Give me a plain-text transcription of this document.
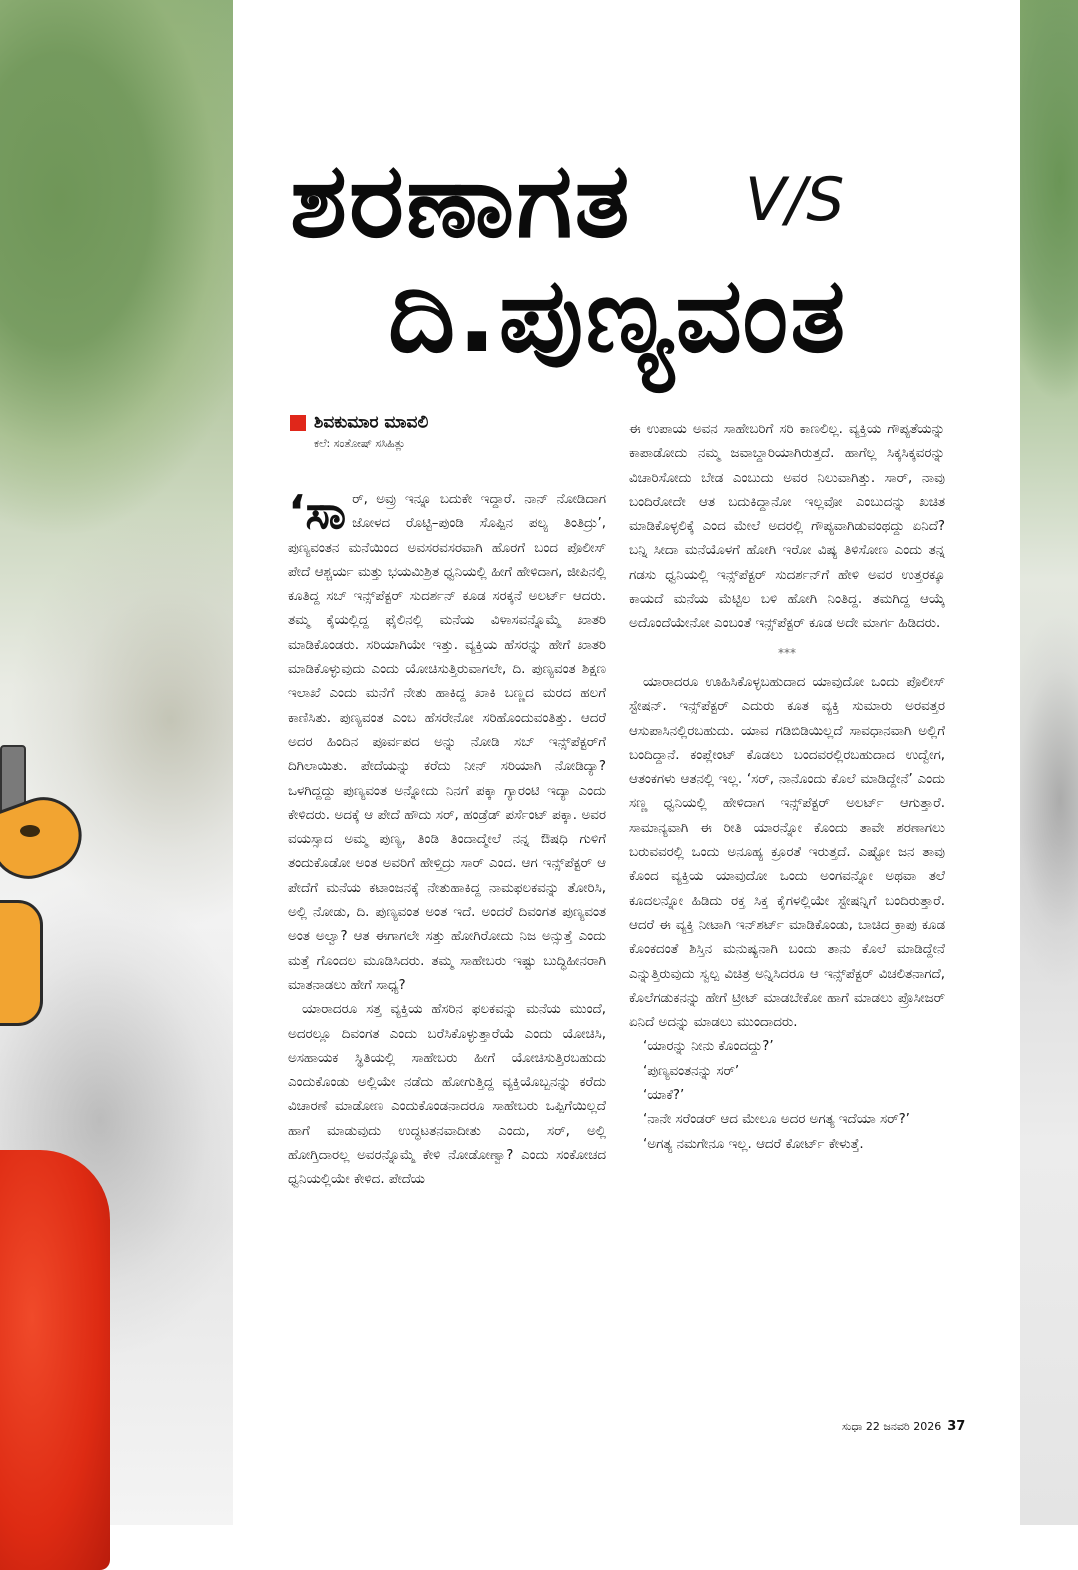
ಶರಣಾಗತ V/S
ದಿ.ಪುಣ್ಯವಂತ
ಶಿವಕುಮಾರ ಮಾವಲಿ
ಕಲೆ: ಸಂತೋಷ್ ಸಸಿಹಿತ್ಲು

‘ಸಾರ್, ಅವ್ರು ಇನ್ನೂ ಬದುಕೇ ಇದ್ದಾರೆ. ನಾನ್ ನೋಡಿದಾಗ ಜೋಳದ ರೊಟ್ಟಿ–ಪುಂಡಿ ಸೊಪ್ಪಿನ ಪಲ್ಯ ತಿಂತಿದ್ರು’, ಪುಣ್ಯವಂತನ ಮನೆಯಿಂದ ಅವಸರವಸರವಾಗಿ ಹೊರಗೆ ಬಂದ ಪೊಲೀಸ್ ಪೇದೆ ಆಶ್ಚರ್ಯ ಮತ್ತು ಭಯಮಿಶ್ರಿತ ಧ್ವನಿಯಲ್ಲಿ ಹೀಗೆ ಹೇಳಿದಾಗ, ಜೀಪಿನಲ್ಲಿ ಕೂತಿದ್ದ ಸಬ್ ಇನ್ಸ್‌ಪೆಕ್ಟರ್ ಸುದರ್ಶನ್ ಕೂಡ ಸರಕ್ಕನೆ ಅಲರ್ಟ್ ಆದರು. ತಮ್ಮ ಕೈಯಲ್ಲಿದ್ದ ಫೈಲಿನಲ್ಲಿ ಮನೆಯ ವಿಳಾಸವನ್ನೊಮ್ಮೆ ಖಾತರಿ ಮಾಡಿಕೊಂಡರು. ಸರಿಯಾಗಿಯೇ ಇತ್ತು. ವ್ಯಕ್ತಿಯ ಹೆಸರನ್ನು ಹೇಗೆ ಖಾತರಿ ಮಾಡಿಕೊಳ್ಳುವುದು ಎಂದು ಯೋಚಿಸುತ್ತಿರುವಾಗಲೇ, ದಿ. ಪುಣ್ಯವಂತ ಶಿಕ್ಷಣ ಇಲಾಖೆ ಎಂದು ಮನೆಗೆ ನೇತು ಹಾಕಿದ್ದ ಖಾಕಿ ಬಣ್ಣದ ಮರದ ಹಲಗೆ ಕಾಣಿಸಿತು. ಪುಣ್ಯವಂತ ಎಂಬ ಹೆಸರೇನೋ ಸರಿಹೊಂದುವಂತಿತ್ತು. ಆದರೆ ಅದರ ಹಿಂದಿನ ಪೂರ್ವಪದ ಅನ್ನು ನೋಡಿ ಸಬ್ ಇನ್ಸ್‌ಪೆಕ್ಟರ್‌ಗೆ ದಿಗಿಲಾಯಿತು. ಪೇದೆಯನ್ನು ಕರೆದು ನೀನ್ ಸರಿಯಾಗಿ ನೋಡಿದ್ಯಾ? ಒಳಗಿದ್ದದ್ದು ಪುಣ್ಯವಂತ ಅನ್ನೋದು ನಿನಗೆ ಪಕ್ಕಾ ಗ್ಯಾರಂಟಿ ಇದ್ಯಾ ಎಂದು ಕೇಳಿದರು. ಅದಕ್ಕೆ ಆ ಪೇದೆ ಹೌದು ಸರ್, ಹಂಡ್ರೆಡ್ ಪರ್ಸೆಂಟ್ ಪಕ್ಕಾ. ಅವರ ವಯಸ್ಸಾದ ಅಮ್ಮ ಪುಣ್ಯ, ತಿಂಡಿ ತಿಂದಾದ್ಮೇಲೆ ನನ್ನ ಔಷಧಿ ಗುಳಿಗೆ ತಂದುಕೊಡೋ ಅಂತ ಅವರಿಗೆ ಹೇಳ್ತಿದ್ರು ಸಾರ್ ಎಂದ. ಆಗ ಇನ್ಸ್‌ಪೆಕ್ಟರ್ ಆ ಪೇದೆಗೆ ಮನೆಯ ಕಟಾಂಜನಕ್ಕೆ ನೇತುಹಾಕಿದ್ದ ನಾಮಫಲಕವನ್ನು ತೋರಿಸಿ, ಅಲ್ಲಿ ನೋಡು, ದಿ. ಪುಣ್ಯವಂತ ಅಂತ ಇದೆ. ಅಂದರೆ ದಿವಂಗತ ಪುಣ್ಯವಂತ ಅಂತ ಅಲ್ವಾ? ಆತ ಈಗಾಗಲೇ ಸತ್ತು ಹೋಗಿರೋದು ನಿಜ ಅನ್ಸುತ್ತೆ ಎಂದು ಮತ್ತೆ ಗೊಂದಲ ಮೂಡಿಸಿದರು. ತಮ್ಮ ಸಾಹೇಬರು ಇಷ್ಟು ಬುದ್ಧಿಹೀನರಾಗಿ ಮಾತನಾಡಲು ಹೇಗೆ ಸಾಧ್ಯ?

ಯಾರಾದರೂ ಸತ್ತ ವ್ಯಕ್ತಿಯ ಹೆಸರಿನ ಫಲಕವನ್ನು ಮನೆಯ ಮುಂದೆ, ಅದರಲ್ಲೂ ದಿವಂಗತ ಎಂದು ಬರೆಸಿಕೊಳ್ಳುತ್ತಾರೆಯೆ ಎಂದು ಯೋಚಿಸಿ, ಅಸಹಾಯಕ ಸ್ಥಿತಿಯಲ್ಲಿ ಸಾಹೇಬರು ಹೀಗೆ ಯೋಚಿಸುತ್ತಿರಬಹುದು ಎಂದುಕೊಂಡು ಅಲ್ಲಿಯೇ ನಡೆದು ಹೋಗುತ್ತಿದ್ದ ವ್ಯಕ್ತಿಯೊಬ್ಬನನ್ನು ಕರೆದು ವಿಚಾರಣೆ ಮಾಡೋಣ ಎಂದುಕೊಂಡನಾದರೂ ಸಾಹೇಬರು ಒಪ್ಪಿಗೆಯಿಲ್ಲದೆ ಹಾಗೆ ಮಾಡುವುದು ಉದ್ಧಟತನವಾದೀತು ಎಂದು, ಸರ್, ಅಲ್ಲಿ ಹೋಗ್ತಿದಾರಲ್ಲ ಅವರನ್ನೊಮ್ಮೆ ಕೇಳಿ ನೋಡೋಣ್ವಾ? ಎಂದು ಸಂಕೋಚದ ಧ್ವನಿಯಲ್ಲಿಯೇ ಕೇಳಿದ. ಪೇದೆಯ

ಈ ಉಪಾಯ ಅವನ ಸಾಹೇಬರಿಗೆ ಸರಿ ಕಾಣಲಿಲ್ಲ. ವ್ಯಕ್ತಿಯ ಗೌಪ್ಯತೆಯನ್ನು ಕಾಪಾಡೋದು ನಮ್ಮ ಜವಾಬ್ದಾರಿಯಾಗಿರುತ್ತದೆ. ಹಾಗೆಲ್ಲ ಸಿಕ್ಕಸಿಕ್ಕವರನ್ನು ವಿಚಾರಿಸೋದು ಬೇಡ ಎಂಬುದು ಅವರ ನಿಲುವಾಗಿತ್ತು. ಸಾರ್, ನಾವು ಬಂದಿರೋದೇ ಆತ ಬದುಕಿದ್ದಾನೋ ಇಲ್ಲವೋ ಎಂಬುದನ್ನು ಖಚಿತ ಮಾಡಿಕೊಳ್ಳಲಿಕ್ಕೆ ಎಂದ ಮೇಲೆ ಅದರಲ್ಲಿ ಗೌಪ್ಯವಾಗಿಡುವಂಥದ್ದು ಏನಿದೆ? ಬನ್ನಿ ಸೀದಾ ಮನೆಯೊಳಗೆ ಹೋಗಿ ಇರೋ ವಿಷ್ಯ ತಿಳಿಸೋಣ ಎಂದು ತನ್ನ ಗಡಸು ಧ್ವನಿಯಲ್ಲಿ ಇನ್ಸ್‌ಪೆಕ್ಟರ್ ಸುದರ್ಶನ್‌ಗೆ ಹೇಳಿ ಅವರ ಉತ್ತರಕ್ಕೂ ಕಾಯದೆ ಮನೆಯ ಮೆಟ್ಟಿಲ ಬಳಿ ಹೋಗಿ ನಿಂತಿದ್ದ. ತಮಗಿದ್ದ ಆಯ್ಕೆ ಅದೊಂದೆಯೇನೋ ಎಂಬಂತೆ ಇನ್ಸ್‌ಪೆಕ್ಟರ್ ಕೂಡ ಅದೇ ಮಾರ್ಗ ಹಿಡಿದರು.

***

ಯಾರಾದರೂ ಊಹಿಸಿಕೊಳ್ಳಬಹುದಾದ ಯಾವುದೋ ಒಂದು ಪೊಲೀಸ್ ಸ್ಟೇಷನ್. ಇನ್ಸ್‌ಪೆಕ್ಟರ್ ಎದುರು ಕೂತ ವ್ಯಕ್ತಿ ಸುಮಾರು ಅರವತ್ತರ ಆಸುಪಾಸಿನಲ್ಲಿರಬಹುದು. ಯಾವ ಗಡಿಬಿಡಿಯಿಲ್ಲದೆ ಸಾವಧಾನವಾಗಿ ಅಲ್ಲಿಗೆ ಬಂದಿದ್ದಾನೆ. ಕಂಪ್ಲೇಂಟ್ ಕೊಡಲು ಬಂದವರಲ್ಲಿರಬಹುದಾದ ಉದ್ವೇಗ, ಆತಂಕಗಳು ಆತನಲ್ಲಿ ಇಲ್ಲ. ‘ಸರ್, ನಾನೊಂದು ಕೊಲೆ ಮಾಡಿದ್ದೇನೆ’ ಎಂದು ಸಣ್ಣ ಧ್ವನಿಯಲ್ಲಿ ಹೇಳಿದಾಗ ಇನ್ಸ್‌ಪೆಕ್ಟರ್ ಅಲರ್ಟ್ ಆಗುತ್ತಾರೆ. ಸಾಮಾನ್ಯವಾಗಿ ಈ ರೀತಿ ಯಾರನ್ನೋ ಕೊಂದು ತಾವೇ ಶರಣಾಗಲು ಬರುವವರಲ್ಲಿ ಒಂದು ಅನೂಹ್ಯ ಕ್ರೂರತೆ ಇರುತ್ತದೆ. ಎಷ್ಟೋ ಜನ ತಾವು ಕೊಂದ ವ್ಯಕ್ತಿಯ ಯಾವುದೋ ಒಂದು ಅಂಗವನ್ನೋ ಅಥವಾ ತಲೆ ಕೂದಲನ್ನೋ ಹಿಡಿದು ರಕ್ತ ಸಿಕ್ತ ಕೈಗಳಲ್ಲಿಯೇ ಸ್ಟೇಷನ್ನಿಗೆ ಬಂದಿರುತ್ತಾರೆ. ಆದರೆ ಈ ವ್ಯಕ್ತಿ ನೀಟಾಗಿ ಇನ್‌ಶರ್ಟ್ ಮಾಡಿಕೊಂಡು, ಬಾಚಿದ ಕ್ರಾಪು ಕೂಡ ಕೊಂಕದಂತೆ ಶಿಸ್ತಿನ ಮನುಷ್ಯನಾಗಿ ಬಂದು ತಾನು ಕೊಲೆ ಮಾಡಿದ್ದೇನೆ ಎನ್ನುತ್ತಿರುವುದು ಸ್ವಲ್ಪ ವಿಚಿತ್ರ ಅನ್ನಿಸಿದರೂ ಆ ಇನ್ಸ್‌ಪೆಕ್ಟರ್ ವಿಚಲಿತನಾಗದೆ, ಕೊಲೆಗಡುಕನನ್ನು ಹೇಗೆ ಟ್ರೀಟ್ ಮಾಡಬೇಕೋ ಹಾಗೆ ಮಾಡಲು ಪ್ರೊಸೀಜರ್ ಏನಿದೆ ಅದನ್ನು ಮಾಡಲು ಮುಂದಾದರು.

‘ಯಾರನ್ನು ನೀನು ಕೊಂದದ್ದು?’

‘ಪುಣ್ಯವಂತನನ್ನು ಸರ್’

‘ಯಾಕೆ?’

‘ನಾನೇ ಸರೆಂಡರ್ ಆದ ಮೇಲೂ ಅದರ ಅಗತ್ಯ ಇದೆಯಾ ಸರ್?’

‘ಅಗತ್ಯ ನಮಗೇನೂ ಇಲ್ಲ. ಆದರೆ ಕೋರ್ಟ್ ಕೇಳುತ್ತೆ.

ಸುಧಾ 22 ಜನವರಿ 2026 37
